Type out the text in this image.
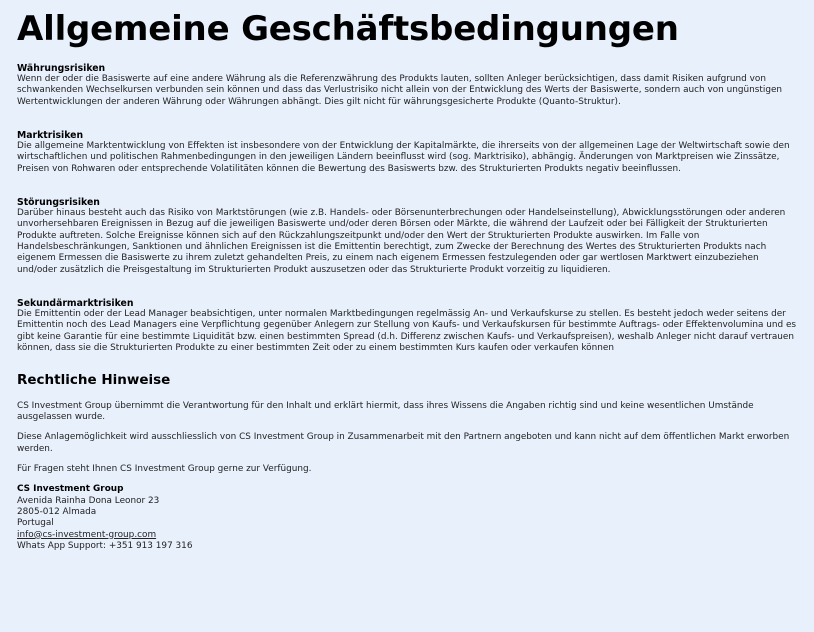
Allgemeine Geschäftsbedingungen
Währungsrisiken
Wenn der oder die Basiswerte auf eine andere Währung als die Referenzwährung des Produkts lauten, sollten Anleger berücksichtigen, dass damit Risiken aufgrund von schwankenden Wechselkursen verbunden sein können und dass das Verlustrisiko nicht allein von der Entwicklung des Werts der Basiswerte, sondern auch von ungünstigen Wertentwicklungen der anderen Währung oder Währungen abhängt. Dies gilt nicht für währungsgesicherte Produkte (Quanto-Struktur).
Marktrisiken
Die allgemeine Marktentwicklung von Effekten ist insbesondere von der Entwicklung der Kapitalmärkte, die ihrerseits von der allgemeinen Lage der Weltwirtschaft sowie den wirtschaftlichen und politischen Rahmenbedingungen in den jeweiligen Ländern beeinflusst wird (sog. Marktrisiko), abhängig. Änderungen von Marktpreisen wie Zinssätze, Preisen von Rohwaren oder entsprechende Volatilitäten können die Bewertung des Basiswerts bzw. des Strukturierten Produkts negativ beeinflussen.
Störungsrisiken
Darüber hinaus besteht auch das Risiko von Marktstörungen (wie z.B. Handels- oder Börsenunterbrechungen oder Handelseinstellung), Abwicklungsstörungen oder anderen unvorhersehbaren Ereignissen in Bezug auf die jeweiligen Basiswerte und/oder deren Börsen oder Märkte, die während der Laufzeit oder bei Fälligkeit der Strukturierten Produkte auftreten. Solche Ereignisse können sich auf den Rückzahlungszeitpunkt und/oder den Wert der Strukturierten Produkte auswirken. Im Falle von Handelsbeschränkungen, Sanktionen und ähnlichen Ereignissen ist die Emittentin berechtigt, zum Zwecke der Berechnung des Wertes des Strukturierten Produkts nach eigenem Ermessen die Basiswerte zu ihrem zuletzt gehandelten Preis, zu einem nach eigenem Ermessen festzulegenden oder gar wertlosen Marktwert einzubeziehen und/oder zusätzlich die Preisgestaltung im Strukturierten Produkt auszusetzen oder das Strukturierte Produkt vorzeitig zu liquidieren.
Sekundärmarktrisiken
Die Emittentin oder der Lead Manager beabsichtigen, unter normalen Marktbedingungen regelmässig An- und Verkaufskurse zu stellen. Es besteht jedoch weder seitens der Emittentin noch des Lead Managers eine Verpflichtung gegenüber Anlegern zur Stellung von Kaufs- und Verkaufskursen für bestimmte Auftrags- oder Effektenvolumina und es gibt keine Garantie für eine bestimmte Liquidität bzw. einen bestimmten Spread (d.h. Differenz zwischen Kaufs- und Verkaufspreisen), weshalb Anleger nicht darauf vertrauen können, dass sie die Strukturierten Produkte zu einer bestimmten Zeit oder zu einem bestimmten Kurs kaufen oder verkaufen können
Rechtliche Hinweise

CS Investment Group übernimmt die Verantwortung für den Inhalt und erklärt hiermit, dass ihres Wissens die Angaben richtig sind und keine wesentlichen Umstände ausgelassen wurde.

Diese Anlagemöglichkeit wird ausschliesslich von CS Investment Group in Zusammenarbeit mit den Partnern angeboten und kann nicht auf dem öffentlichen Markt erworben werden.

Für Fragen steht Ihnen CS Investment Group gerne zur Verfügung.

CS Investment Group
Avenida Rainha Dona Leonor 23
2805-012 Almada
Portugal
info@cs-investment-group.com
Whats App Support: +351 913 197 316
